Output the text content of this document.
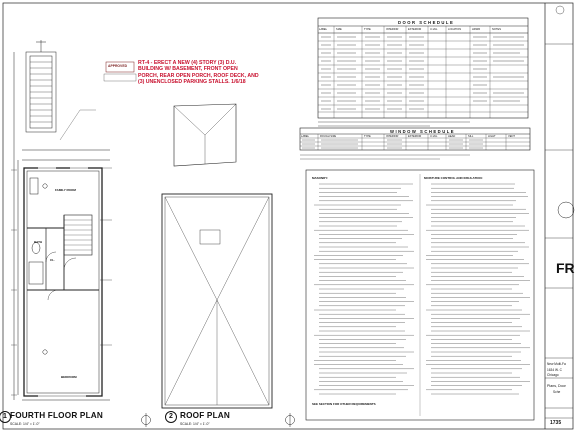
RT-4 - ERECT A NEW (4) STORY (3) D.U.
BUILDING W/ BASEMENT, FRONT OPEN
PORCH, REAR OPEN PORCH, ROOF DECK, AND
(3) UNENCLOSED PARKING STALLS. 1/6/18
APPROVED
FAMILY ROOM
BEDROOM
BATH
CL.
1 FOURTH FLOOR PLAN
SCALE: 1/4" = 1'-0"
2 ROOF PLAN
SCALE: 1/4" = 1'-0"
DOOR SCHEDULE
LABEL	SIZE	TYPE	INTERIOR	EXTERIOR	U-VAL	LOCATION	HDWR	NOTES
WINDOW SCHEDULE
LABEL	ROUGH SIZE	TYPE	INTERIOR	EXTERIOR	U-VAL	HEAD	SILL	LIGHT	VENT
MASONRY:	MOISTURE CONTROL AND INSULATION:
SEE SECTION FOR OTHER REQUIREMENTS
FR
New Multi-Fa
1634 W. C
Chicago
Plans, Door
Sche
1735
